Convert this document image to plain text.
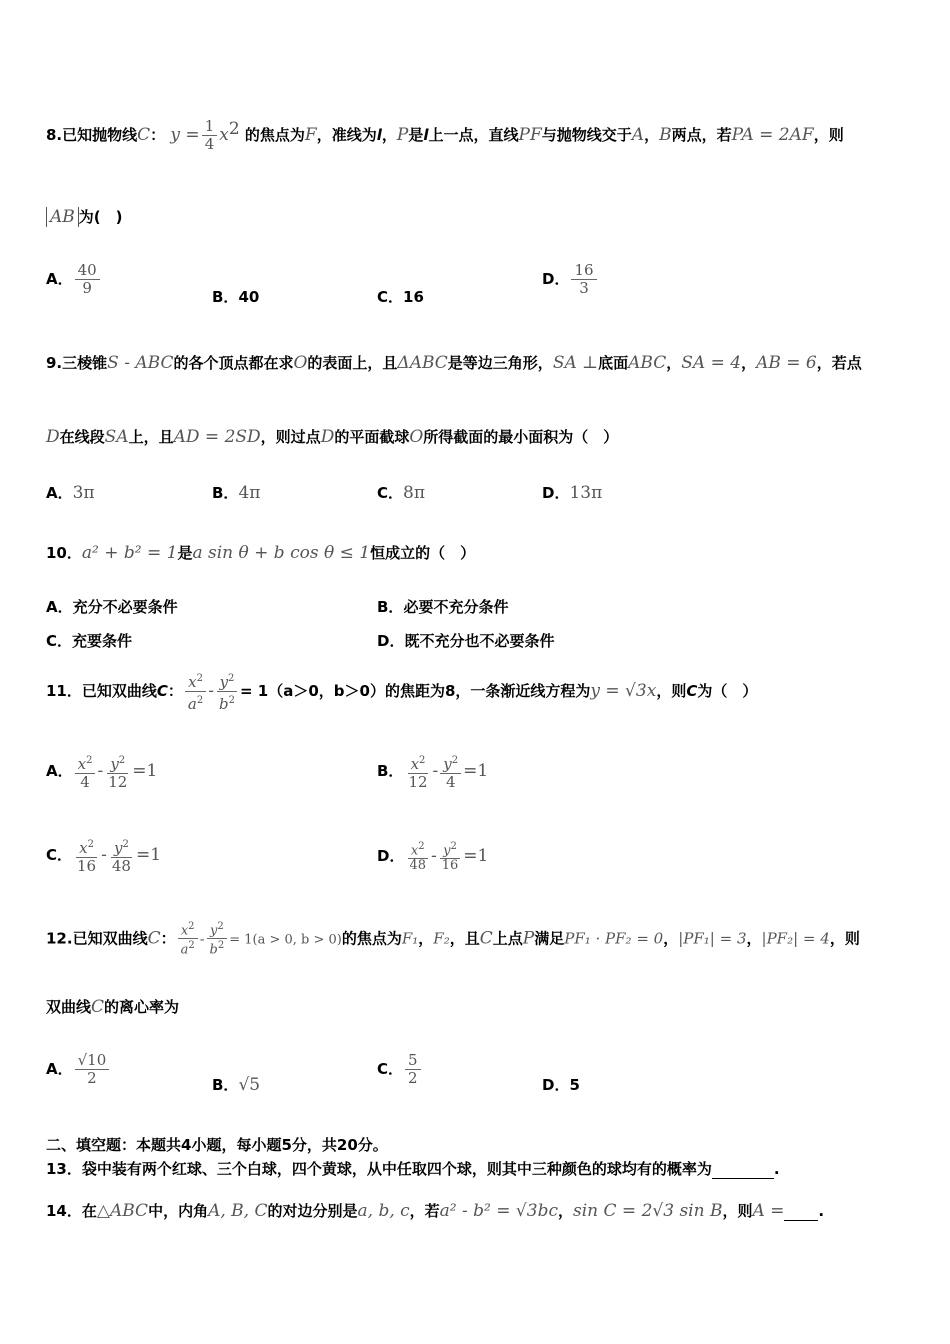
8.已知抛物线C： $y = \frac{1}{4} x^2$ 的焦点为F，准线为l，P是l上一点，直线PF与抛物线交于A，B两点，若PA = 2AF，则
AB 为(　)
A． $\frac{40}{9}$	B．40	C．16
D． $\frac{16}{3}$
9.三棱锥S - ABC的各个顶点都在求O的表面上，且ΔABC是等边三角形，SA ⊥底面ABC，SA = 4，AB = 6，若点
D在线段SA上，且AD = 2SD，则过点D的平面截球O所得截面的最小面积为（　）
A．3π	B．4π	C．8π	D．13π
10．a² + b² = 1是a sin θ + b cos θ ≤ 1恒成立的（　）
A．充分不必要条件	B．必要不充分条件
C．充要条件	D．既不充分也不必要条件
11．已知双曲线C： $\frac{x^2}{a^2} - \frac{y^2}{b^2} = 1(a>0$，b＞0）的焦距为8，一条渐近线方程为y = √3x，则C为（　）
A． $\frac{x^2}{4} - \frac{y^2}{12} =1$	B． $\frac{x^2}{12} - \frac{y^2}{4} =1$
C． $\frac{x^2}{16} - \frac{y^2}{48} =1$	D． $\frac{x^2}{48} - \frac{y^2}{16} =1$
12.已知双曲线C： $\frac{x^2}{a^2} - \frac{y^2}{b^2} = 1(a > 0$, b > 0)的焦点为F₁，F₂，且C上点P满足PF₁ · PF₂ = 0，|PF₁| = 3，|PF₂| = 4，则
双曲线C的离心率为
A． $\frac{√10}{2}$	B．√5
C． $\frac{5}{2}$	D．5
二、填空题：本题共4小题，每小题5分，共20分。
13．袋中装有两个红球、三个白球，四个黄球，从中任取四个球，则其中三种颜色的球均有的概率为	.
14．在△ABC中，内角A, B, C的对边分别是a, b, c，若a² - b² = √3bc，sin C = 2√3 sin B，则A = .
